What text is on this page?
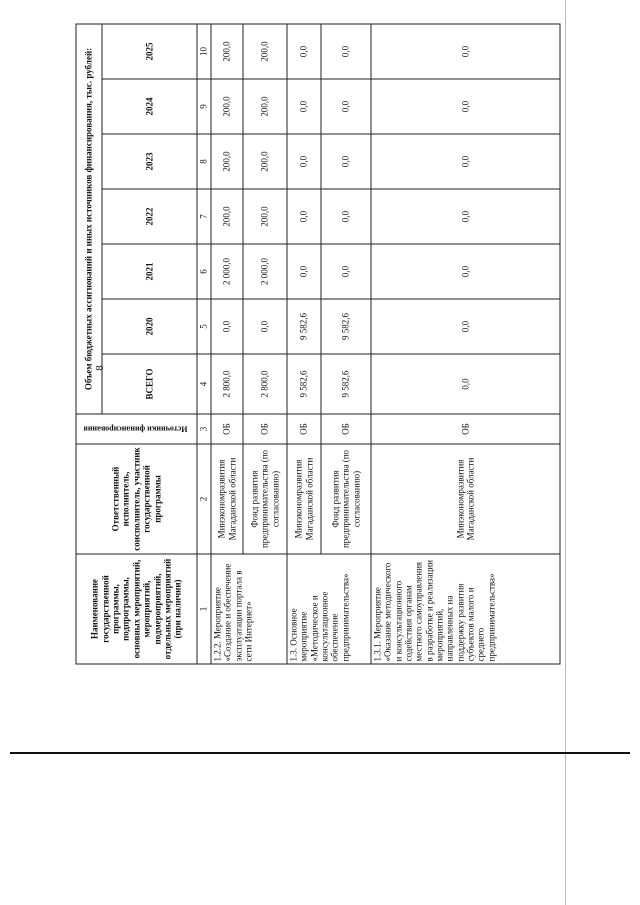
8
Наименование государственной программы, подпрограммы, основных мероприятий, мероприятий, подмероприятий, отдельных мероприятий (при наличии)	Ответственный исполнитель, соисполнитель, участник государственной программы	Источники финансирования	Объем бюджетных ассигнований и иных источников финансирования, тыс. рублей:						
			ВСЕГО	2020	2021	2022	2023	2024	2025
1	2	3	4	5	6	7	8	9	10
1.2.2. Мероприятие «Создание и обеспечение эксплуатации портала в сети Интернет»	Минэкономразвития Магаданской области	ОБ	2 800,0	0,0	2 000,0	200,0	200,0	200,0	200,0
	Фонд развития предпринимательства (по согласованию)	ОБ	2 800,0	0,0	2 000,0	200,0	200,0	200,0	200,0
1.3. Основное мероприятие «Методическое и консультационное обеспечение предпринимательства»	Минэкономразвития Магаданской области	ОБ	9 582,6	9 582,6	0,0	0,0	0,0	0,0	0,0
	Фонд развития предпринимательства (по согласованию)	ОБ	9 582,6	9 582,6	0,0	0,0	0,0	0,0	0,0
1.3.1. Мероприятие «Оказание методического и консультационного содействия органам местного самоуправления в разработке и реализации мероприятий, направленных на поддержку развития субъектов малого и среднего предпринимательства»	Минэкономразвития Магаданской области	ОБ	0,0	0,0	0,0	0,0	0,0	0,0	0,0
